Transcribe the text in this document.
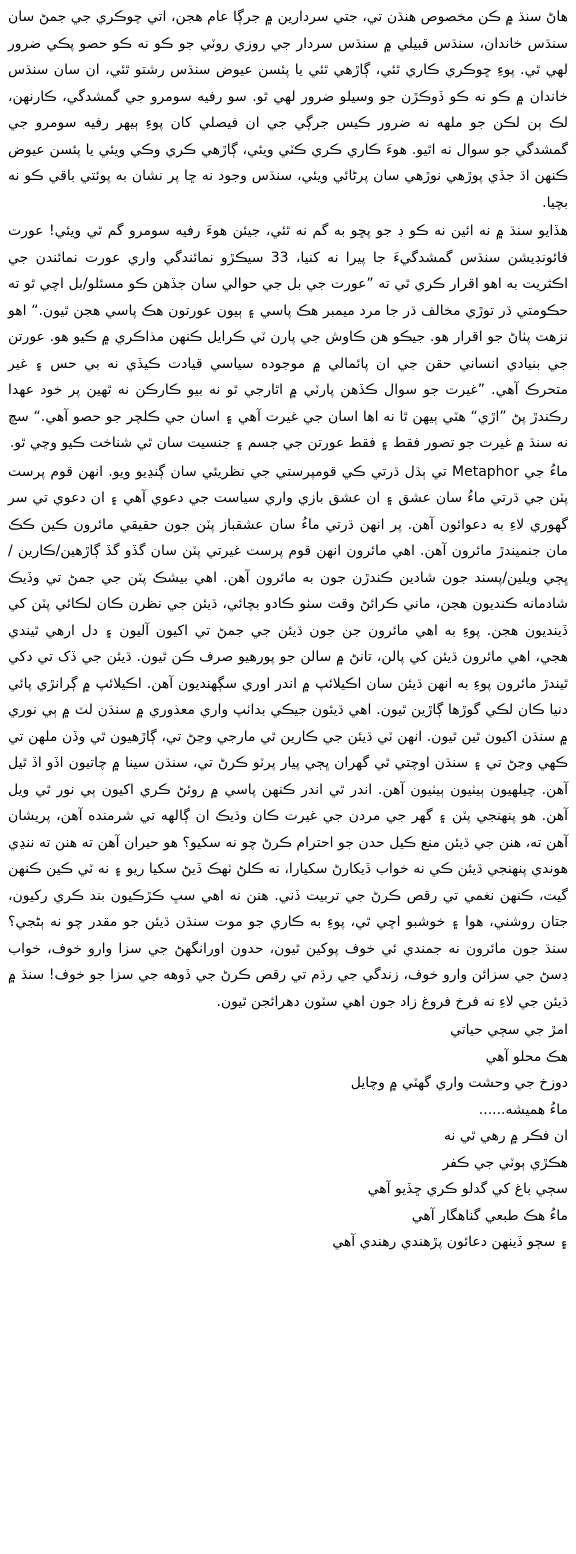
هاڻ سنڌ ۾ ڪن مخصوص هنڌن تي، جتي سردارين ۾ جرڳا عام هجن، اتي چوڪري جي جمڻ سان سنڌس خاندان، سنڌس قبيلي ۾ سنڌس سردار جي روزي روٽي جو ڪو نه ڪو حصو پڪي ضرور لهي ٿي. پوءِ ڇوڪري ڪاري ٿئي، ڳاڙهي ٿئي يا پئسن عيوض سنڌس رشتو ٿئي، ان سان سنڌس خاندان ۾ ڪو نه ڪو ڏوڪڙن جو وسيلو ضرور لهي ٿو. سو رفيه سومرو جي گمشدگي، ڪارنهن، لڪ ٻن لڪن جو ملهه نه ضرور ڪيس جرڳي جي ان فيصلي کان پوءِ ٻيهر رفيه سومرو جي گمشدگي جو سوال نه اٿيو. هوءَ ڪاري ڪري ڪٽي ويئي، ڳاڙهي ڪري وڪي ويئي يا پئسن عيوض ڪنهن اڌ جڏي پوڙهي نوڙهي سان پرڻائي ويئي، سنڌس وجود نه ڇا پر نشان به پوئتي باقي ڪو نه بچيا.

هڏايو سنڌ ۾ نه ائين نه ڪو ڊ جو پڇو به گم نه ٿئي، جيئن هوءَ رفيه سومرو گم ٿي ويئي! عورت فائونڊيشن سنڌس گمشدگيءَ جا پيرا نه کنيا، 33 سيڪڙو نمائندگي واري عورت نمائندن جي اڪثريت به اهو اقرار ڪري ٿي ته ”عورت جي بل جي حوالي سان جڏهن ڪو مسئلو/بل اچي ٿو ته حڪومتي ڌر توڙي مخالف ڌر جا مرد ميمبر هڪ پاسي ۽ ٻيون عورتون هڪ پاسي هجن ٿيون.“ اهو نزهت پٺاڻ جو اقرار هو. جيڪو هن ڪاوش جي پارن ٽي ڪرايل ڪنهن مذاڪري ۾ ڪيو هو. عورتن جي بنيادي انساني حقن جي ان پائمالي ۾ موجوده سياسي قيادت ڪيڏي نه بي حس ۽ غير متحرڪ آهي. ”غيرت جو سوال ڪڏهن پارٽي ۾ اٿارجي ٿو نه بيو ڪارڪن نه ٿهين پر خود عهدا رڪندڙ پڻ ”اڙي“ هٽي ٻيهن ٿا نه اها اسان جي غيرت آهي ۽ اسان جي ڪلچر جو حصو آهي.“ سچ نه سنڌ ۾ غيرت جو تصور فقط ۽ فقط عورتن جي جسم ۽ جنسيت سان ٿي شناخت ڪيو وڃي ٿو.

ماءُ جي Metaphor تي ٻڌل ڌرتي ڪي قومپرستي جي نظريئي سان ڳنڍيو ويو. انهن قوم پرست پٽن جي ڌرتي ماءُ سان عشق ۽ ان عشق بازي واري سياست جي دعوي آهي ۽ ان دعوي تي سر گهوري لاءِ به دعوائون آهن. پر انهن ڌرتي ماءُ سان عشقباز پٽن جون حقيقي مائرون ڪين ڪڪ مان جنميندڙ مائرون آهن. اهي مائرون انهن قوم پرست غيرتي پٽن سان گڏو گڏ ڳاڙهين/ڪارين / ڀڄي ويلين/پسند جون شادين ڪندڙن جون به مائرون آهن. اهي بيشڪ پٽن جي جمڻ تي وڏيڪ شادمانه ڪنديون هجن، ماني ڪرائڻ وقت سٺو ڪادو بچائي، ڌيئن جي نظرن ڪان لڪائي پٽن کي ڏينديون هجن. پوءِ به اهي مائرون جن جون ڌيئن جي جمڻ تي اکيون آليون ۽ دل ارهي ٿيندي هجي، اهي مائرون ڌيئن کي پالن، تانڻ ۾ سالن جو پورهيو صرف ڪن ٿيون. ڌيئن جي ڏک تي دکي ٿيندڙ مائرون پوءِ به انهن ڌيئن سان اڪيلائپ ۾ اندر اوري سڳهنديون آهن. اڪيلائپ ۾ ڳرانڙي پائي دنيا ڪان لڪي گوڙها ڳاڙين ٿيون. اهي ڌيئون جيڪي بداٺپ واري معذوري ۾ سنڌن لٽ ۾ ٻي نوري ۾ سنڌن اکيون ٿين ٿيون. انهن ٽي ڌيئن جي ڪارين ٿي مارجي وڃڻ تي، ڳاڙهيون ٿي وڏن ملهن تي ڪهي وڃڻ تي ۽ سنڌن اوچتي ٿي گهران ڀڄي پيار پرٽو ڪرڻ تي، سنڌن سينا ۾ چاتيون اڏو اڏ ٿيل آهن. چيلهيون ٻيٺيون ٻيٺيون آهن. اندر ٿي اندر ڪنهن پاسي ۾ روئڻ ڪري اکيون ٻي نور ٿي ويل آهن. هو پنهنجي پٽن ۽ گهر جي مردن جي غيرت ڪان وڌيڪ ان ڳالهه تي شرمنده آهن، پريشان آهن ته، هنن جي ڌيئن منع ڪيل حدن جو احترام ڪرڻ چو نه سکيو؟ هو حيران آهن ته هنن ته ننڍي هوندي پنهنجي ڌيئن ڪي نه خواب ڏيکارڻ سکيارا، نه ڪلڻ ٺهڪ ڏيڻ سکيا ريو ۽ نه ٽي ڪين ڪنهن گيت، ڪنهن نغمي تي رقص ڪرڻ جي تربيت ڏني. هنن نه اهي سڀ ڪڙڪيون بند ڪري رکيون، جتان روشني، هوا ۽ خوشبو اچي ٿي، پوءِ به ڪاري جو موت سنڌن ڌيئن جو مقدر چو نه ٻڻجي؟ سنڌ جون مائرون نه جمندي ئي خوف پوکين ٿيون، حدون اورانگهڻ جي سزا وارو خوف، خواب ڊسڻ جي سزائن وارو خوف، زندگي جي رڌم تي رقص ڪرڻ جي ڏوهه جي سزا جو خوف! سنڌ ۾ ڌيئن جي لاءِ نه فرخ فروغ زاد جون اهي سٽون دهرائجن ٿيون.

امڙ جي سڄي حياتي
هڪ محلو آهي
دوزخ جي وحشت واري گهٽي ۾ وچايل
ماءُ هميشه......
ان فڪر ۾ رهي ٿي نه
هڪڙي ٻوٽي جي ڪفر
سڄي باغ کي گدلو ڪري ڇڏيو آهي
ماءُ هڪ طبعي گناهگار آهي
۽ سڄو ڏينهن دعائون پڙهندي رهندي آهي
